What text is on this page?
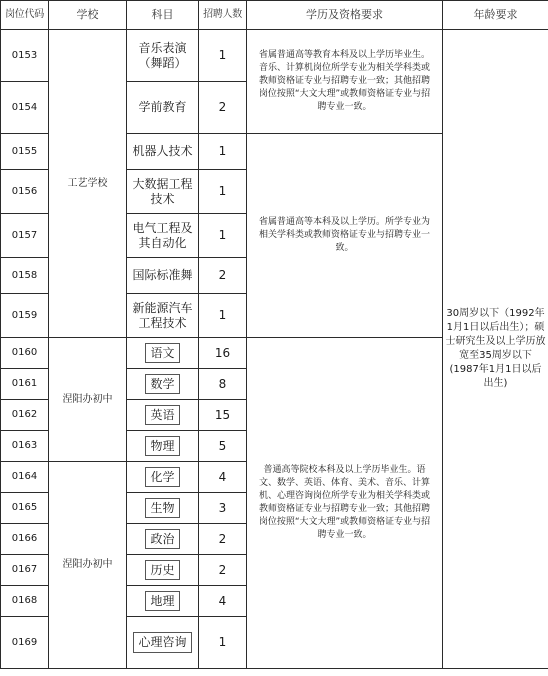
岗位代码	学校	科目	招聘人数	学历及资格要求	年龄要求
0153	工艺学校	音乐表演（舞蹈）	1	省属普通高等教育本科及以上学历毕业生。音乐、计算机岗位所学专业为相关学科类或教师资格证专业与招聘专业一致；其他招聘岗位按照“大文大理”或教师资格证专业与招聘专业一致。	30周岁以下（1992年1月1日以后出生）；硕士研究生及以上学历放宽至35周岁以下(1987年1月1日以后出生)
0154		学前教育	2		
0155		机器人技术	1	省属普通高等本科及以上学历。所学专业为相关学科类或教师资格证专业与招聘专业一致。	
0156		大数据工程技术	1		
0157		电气工程及其自动化	1		
0158		国际标准舞	2		
0159		新能源汽车工程技术	1		
0160	涅阳办初中	语文	16	普通高等院校本科及以上学历毕业生。语文、数学、英语、体育、美术、音乐、计算机、心理咨询岗位所学专业为相关学科类或教师资格证专业与招聘专业一致；其他招聘岗位按照“大文大理”或教师资格证专业与招聘专业一致。	
0161		数学	8		
0162		英语	15		
0163		物理	5		
0164	涅阳办初中	化学	4		
0165		生物	3		
0166		政治	2		
0167		历史	2		
0168		地理	4		
0169		心理咨询	1		
